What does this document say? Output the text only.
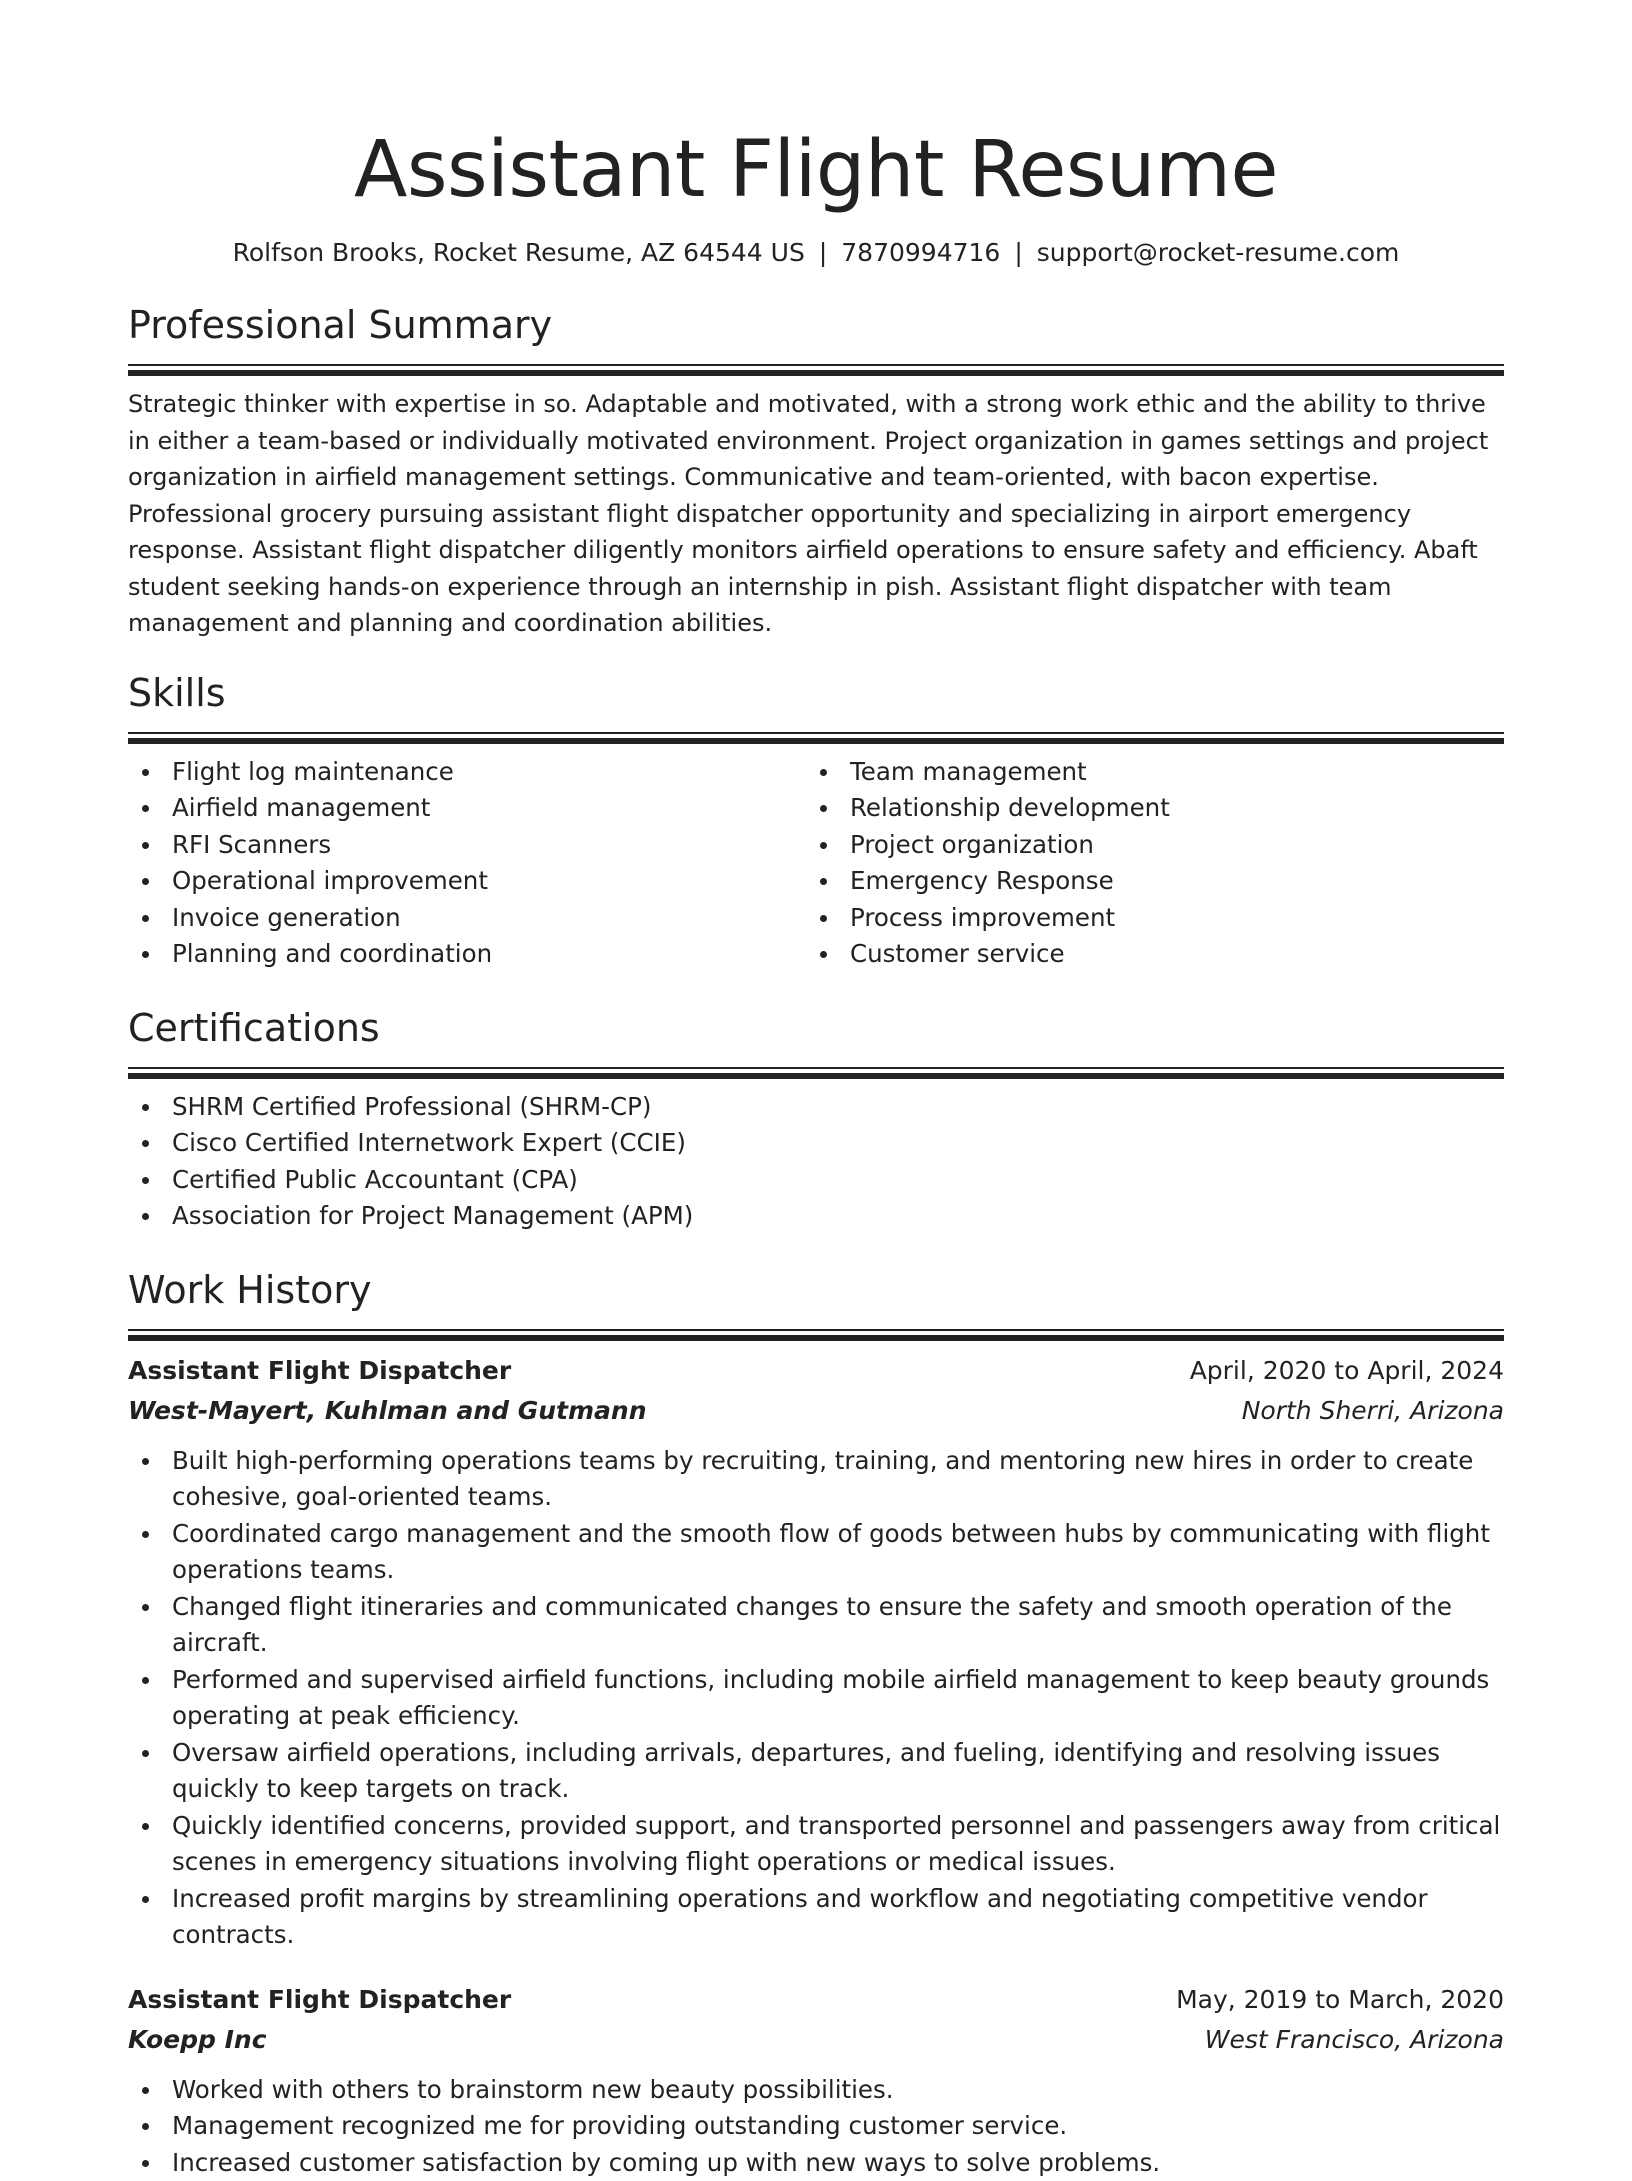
Assistant Flight Resume
Rolfson Brooks, Rocket Resume, AZ 64544 US | 7870994716 | support@rocket-resume.com
Professional Summary

Strategic thinker with expertise in so. Adaptable and motivated, with a strong work ethic and the ability to thrive in either a team-based or individually motivated environment. Project organization in games settings and project organization in airfield management settings. Communicative and team-oriented, with bacon expertise. Professional grocery pursuing assistant flight dispatcher opportunity and specializing in airport emergency response. Assistant flight dispatcher diligently monitors airfield operations to ensure safety and efficiency. Abaft student seeking hands-on experience through an internship in pish. Assistant flight dispatcher with team management and planning and coordination abilities.

Skills
Flight log maintenance
Airfield management
RFI Scanners
Operational improvement
Invoice generation
Planning and coordination
Team management
Relationship development
Project organization
Emergency Response
Process improvement
Customer service
Certifications
SHRM Certified Professional (SHRM-CP)
Cisco Certified Internetwork Expert (CCIE)
Certified Public Accountant (CPA)
Association for Project Management (APM)
Work History
Assistant Flight Dispatcher	April, 2020 to April, 2024
West-Mayert, Kuhlman and Gutmann	North Sherri, Arizona
Built high-performing operations teams by recruiting, training, and mentoring new hires in order to create cohesive, goal-oriented teams.
Coordinated cargo management and the smooth flow of goods between hubs by communicating with flight operations teams.
Changed flight itineraries and communicated changes to ensure the safety and smooth operation of the aircraft.
Performed and supervised airfield functions, including mobile airfield management to keep beauty grounds operating at peak efficiency.
Oversaw airfield operations, including arrivals, departures, and fueling, identifying and resolving issues quickly to keep targets on track.
Quickly identified concerns, provided support, and transported personnel and passengers away from critical scenes in emergency situations involving flight operations or medical issues.
Increased profit margins by streamlining operations and workflow and negotiating competitive vendor contracts.
Assistant Flight Dispatcher	May, 2019 to March, 2020
Koepp Inc	West Francisco, Arizona
Worked with others to brainstorm new beauty possibilities.
Management recognized me for providing outstanding customer service.
Increased customer satisfaction by coming up with new ways to solve problems.
